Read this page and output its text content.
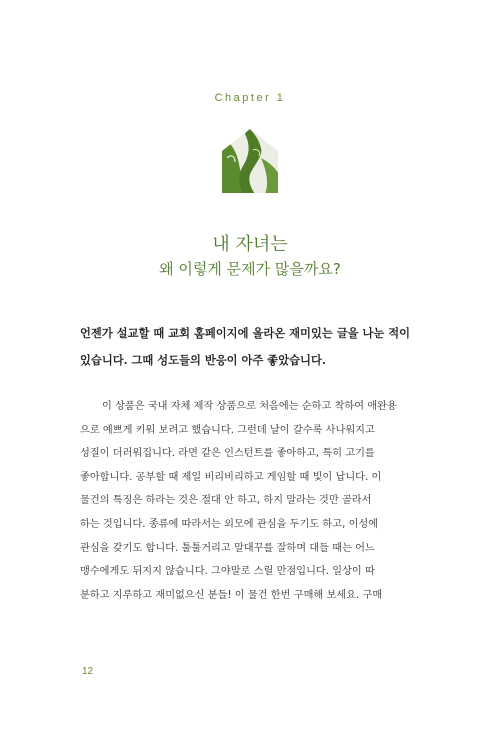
Chapter 1
내 자녀는
왜 이렇게 문제가 많을까요?
언젠가 설교할 때 교회 홈페이지에 올라온 재미있는 글을 나눈 적이
있습니다. 그때 성도들의 반응이 아주 좋았습니다.
이 상품은 국내 자체 제작 상품으로 처음에는 순하고 착하여 애완용
으로 예쁘게 키워 보려고 했습니다. 그런데 날이 갈수록 사나워지고
성질이 더러워집니다. 라면 같은 인스턴트를 좋아하고, 특히 고기를
좋아합니다. 공부할 때 제일 비리비리하고 게임할 때 빛이 납니다. 이
물건의 특징은 하라는 것은 절대 안 하고, 하지 말라는 것만 골라서
하는 것입니다. 종류에 따라서는 외모에 관심을 두기도 하고, 이성에
관심을 갖기도 합니다. 툴툴거리고 말대꾸를 잘하며 대들 때는 어느
맹수에게도 뒤지지 않습니다. 그야말로 스릴 만점입니다. 일상이 따
분하고 지루하고 재미없으신 분들! 이 물건 한번 구매해 보세요. 구매
12
